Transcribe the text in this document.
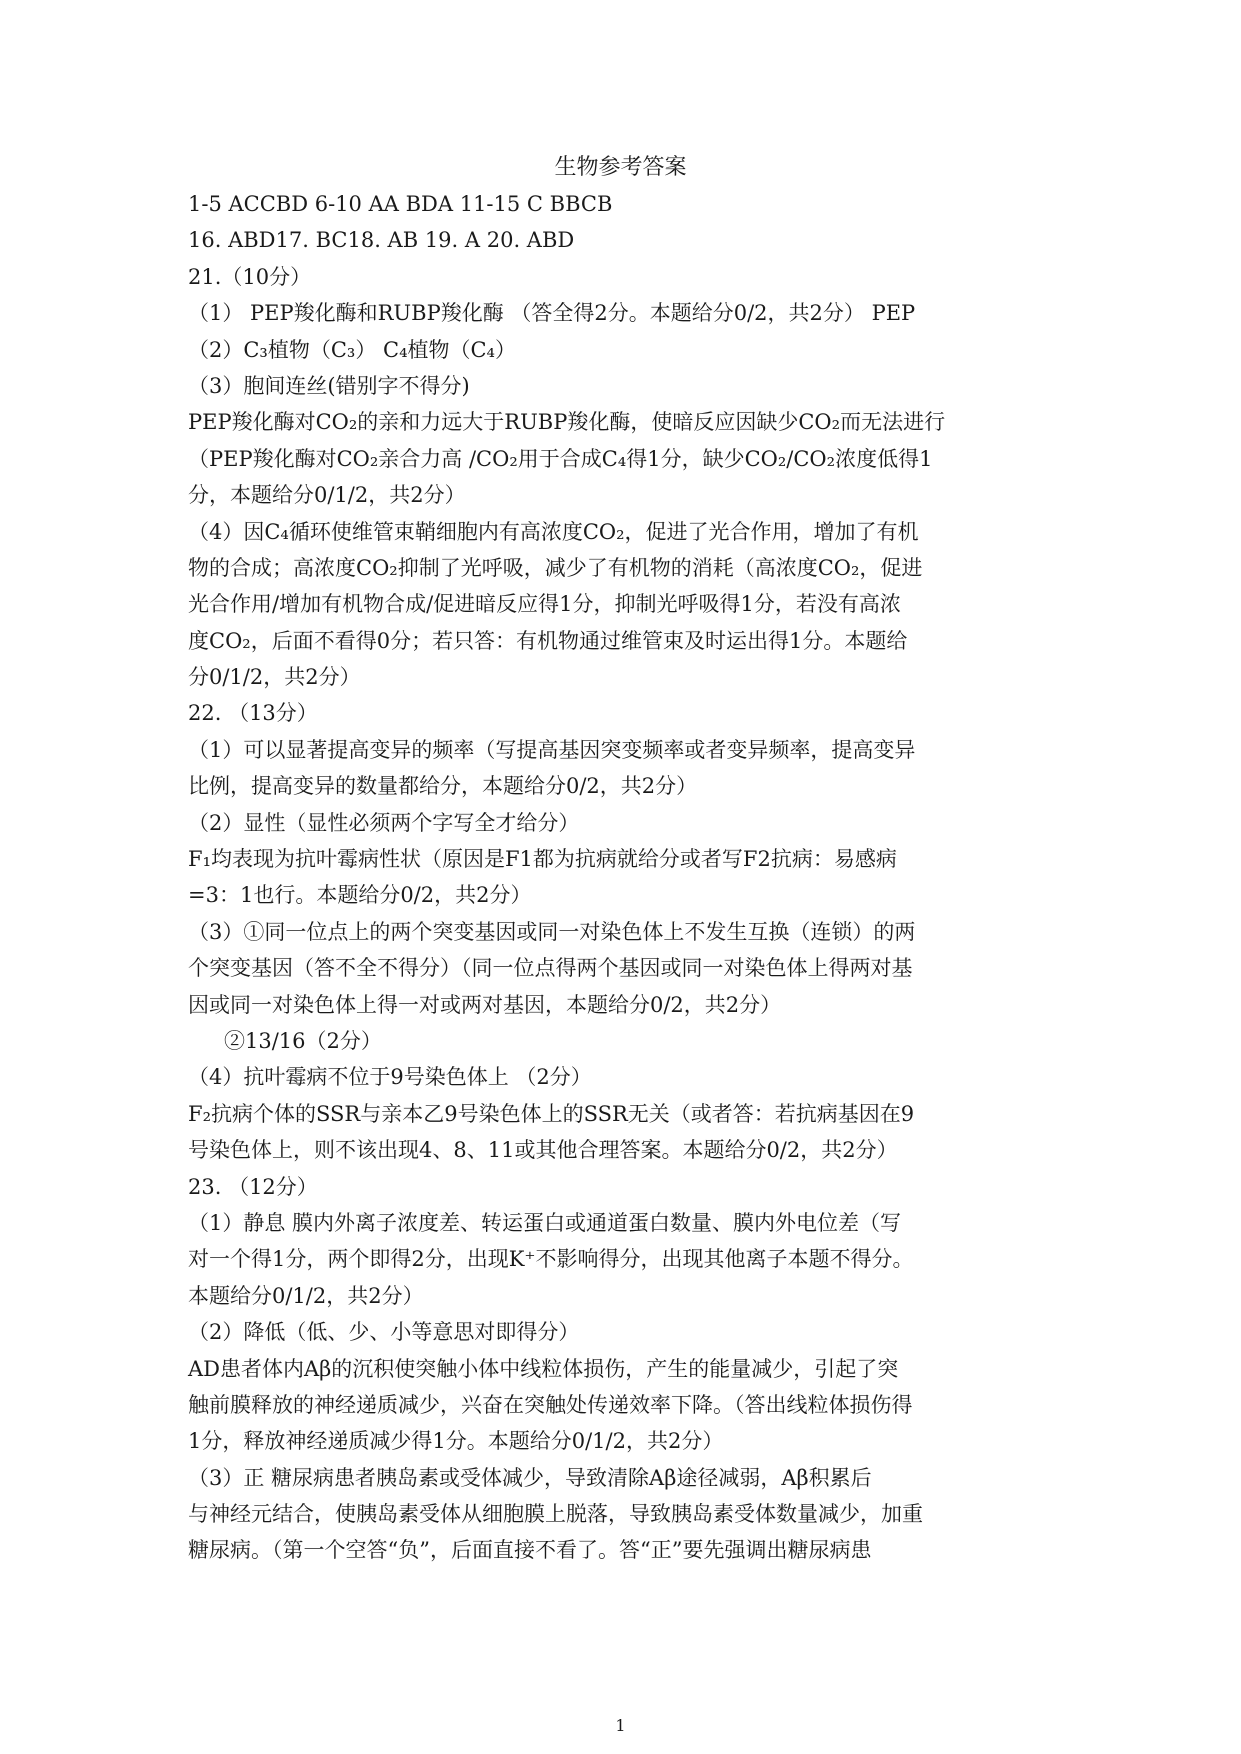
生物参考答案
1-5 ACCBD 6-10 AA BDA 11-15 C BBCB
16. ABD17. BC18. AB 19. A 20. ABD
21.（10分）
（1） PEP羧化酶和RUBP羧化酶 （答全得2分。本题给分0/2，共2分） PEP
（2）C₃植物（C₃） C₄植物（C₄）
（3）胞间连丝(错别字不得分)
PEP羧化酶对CO₂的亲和力远大于RUBP羧化酶，使暗反应因缺少CO₂而无法进行
（PEP羧化酶对CO₂亲合力高 /CO₂用于合成C₄得1分，缺少CO₂/CO₂浓度低得1
分，本题给分0/1/2，共2分）
（4）因C₄循环使维管束鞘细胞内有高浓度CO₂，促进了光合作用，增加了有机
物的合成；高浓度CO₂抑制了光呼吸，减少了有机物的消耗（高浓度CO₂，促进
光合作用/增加有机物合成/促进暗反应得1分，抑制光呼吸得1分，若没有高浓
度CO₂，后面不看得0分；若只答：有机物通过维管束及时运出得1分。本题给
分0/1/2，共2分）
22. （13分）
（1）可以显著提高变异的频率（写提高基因突变频率或者变异频率，提高变异
比例，提高变异的数量都给分，本题给分0/2，共2分）
（2）显性（显性必须两个字写全才给分）
F₁均表现为抗叶霉病性状（原因是F1都为抗病就给分或者写F2抗病：易感病
=3：1也行。本题给分0/2，共2分）
（3）①同一位点上的两个突变基因或同一对染色体上不发生互换（连锁）的两
个突变基因（答不全不得分）（同一位点得两个基因或同一对染色体上得两对基
因或同一对染色体上得一对或两对基因，本题给分0/2，共2分）
②13/16（2分）
（4）抗叶霉病不位于9号染色体上 （2分）
F₂抗病个体的SSR与亲本乙9号染色体上的SSR无关（或者答：若抗病基因在9
号染色体上，则不该出现4、8、11或其他合理答案。本题给分0/2，共2分）
23. （12分）
（1）静息 膜内外离子浓度差、转运蛋白或通道蛋白数量、膜内外电位差（写
对一个得1分，两个即得2分，出现K⁺不影响得分，出现其他离子本题不得分。
本题给分0/1/2，共2分）
（2）降低（低、少、小等意思对即得分）
AD患者体内Aβ的沉积使突触小体中线粒体损伤，产生的能量减少，引起了突
触前膜释放的神经递质减少，兴奋在突触处传递效率下降。（答出线粒体损伤得
1分，释放神经递质减少得1分。本题给分0/1/2，共2分）
（3）正 糖尿病患者胰岛素或受体减少，导致清除Aβ途径减弱，Aβ积累后
与神经元结合，使胰岛素受体从细胞膜上脱落，导致胰岛素受体数量减少，加重
糖尿病。（第一个空答“负”，后面直接不看了。答“正”要先强调出糖尿病患
1
